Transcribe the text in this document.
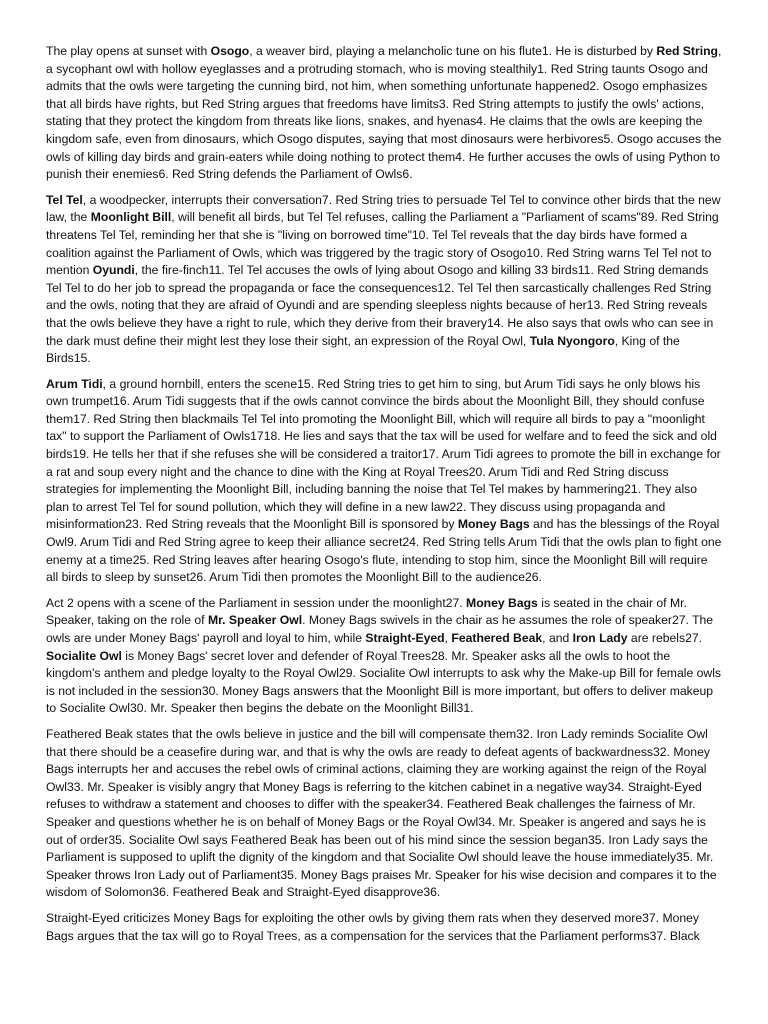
The play opens at sunset with Osogo, a weaver bird, playing a melancholic tune on his flute1. He is disturbed by Red String, a sycophant owl with hollow eyeglasses and a protruding stomach, who is moving stealthily1. Red String taunts Osogo and admits that the owls were targeting the cunning bird, not him, when something unfortunate happened2. Osogo emphasizes that all birds have rights, but Red String argues that freedoms have limits3. Red String attempts to justify the owls' actions, stating that they protect the kingdom from threats like lions, snakes, and hyenas4. He claims that the owls are keeping the kingdom safe, even from dinosaurs, which Osogo disputes, saying that most dinosaurs were herbivores5. Osogo accuses the owls of killing day birds and grain-eaters while doing nothing to protect them4. He further accuses the owls of using Python to punish their enemies6. Red String defends the Parliament of Owls6.

Tel Tel, a woodpecker, interrupts their conversation7. Red String tries to persuade Tel Tel to convince other birds that the new law, the Moonlight Bill, will benefit all birds, but Tel Tel refuses, calling the Parliament a "Parliament of scams"89. Red String threatens Tel Tel, reminding her that she is "living on borrowed time"10. Tel Tel reveals that the day birds have formed a coalition against the Parliament of Owls, which was triggered by the tragic story of Osogo10. Red String warns Tel Tel not to mention Oyundi, the fire-finch11. Tel Tel accuses the owls of lying about Osogo and killing 33 birds11. Red String demands Tel Tel to do her job to spread the propaganda or face the consequences12. Tel Tel then sarcastically challenges Red String and the owls, noting that they are afraid of Oyundi and are spending sleepless nights because of her13. Red String reveals that the owls believe they have a right to rule, which they derive from their bravery14. He also says that owls who can see in the dark must define their might lest they lose their sight, an expression of the Royal Owl, Tula Nyongoro, King of the Birds15.

Arum Tidi, a ground hornbill, enters the scene15. Red String tries to get him to sing, but Arum Tidi says he only blows his own trumpet16. Arum Tidi suggests that if the owls cannot convince the birds about the Moonlight Bill, they should confuse them17. Red String then blackmails Tel Tel into promoting the Moonlight Bill, which will require all birds to pay a "moonlight tax" to support the Parliament of Owls1718. He lies and says that the tax will be used for welfare and to feed the sick and old birds19. He tells her that if she refuses she will be considered a traitor17. Arum Tidi agrees to promote the bill in exchange for a rat and soup every night and the chance to dine with the King at Royal Trees20. Arum Tidi and Red String discuss strategies for implementing the Moonlight Bill, including banning the noise that Tel Tel makes by hammering21. They also plan to arrest Tel Tel for sound pollution, which they will define in a new law22. They discuss using propaganda and misinformation23. Red String reveals that the Moonlight Bill is sponsored by Money Bags and has the blessings of the Royal Owl9. Arum Tidi and Red String agree to keep their alliance secret24. Red String tells Arum Tidi that the owls plan to fight one enemy at a time25. Red String leaves after hearing Osogo's flute, intending to stop him, since the Moonlight Bill will require all birds to sleep by sunset26. Arum Tidi then promotes the Moonlight Bill to the audience26.

Act 2 opens with a scene of the Parliament in session under the moonlight27. Money Bags is seated in the chair of Mr. Speaker, taking on the role of Mr. Speaker Owl. Money Bags swivels in the chair as he assumes the role of speaker27. The owls are under Money Bags' payroll and loyal to him, while Straight-Eyed, Feathered Beak, and Iron Lady are rebels27. Socialite Owl is Money Bags' secret lover and defender of Royal Trees28. Mr. Speaker asks all the owls to hoot the kingdom's anthem and pledge loyalty to the Royal Owl29. Socialite Owl interrupts to ask why the Make-up Bill for female owls is not included in the session30. Money Bags answers that the Moonlight Bill is more important, but offers to deliver makeup to Socialite Owl30. Mr. Speaker then begins the debate on the Moonlight Bill31.

Feathered Beak states that the owls believe in justice and the bill will compensate them32. Iron Lady reminds Socialite Owl that there should be a ceasefire during war, and that is why the owls are ready to defeat agents of backwardness32. Money Bags interrupts her and accuses the rebel owls of criminal actions, claiming they are working against the reign of the Royal Owl33. Mr. Speaker is visibly angry that Money Bags is referring to the kitchen cabinet in a negative way34. Straight-Eyed refuses to withdraw a statement and chooses to differ with the speaker34. Feathered Beak challenges the fairness of Mr. Speaker and questions whether he is on behalf of Money Bags or the Royal Owl34. Mr. Speaker is angered and says he is out of order35. Socialite Owl says Feathered Beak has been out of his mind since the session began35. Iron Lady says the Parliament is supposed to uplift the dignity of the kingdom and that Socialite Owl should leave the house immediately35. Mr. Speaker throws Iron Lady out of Parliament35. Money Bags praises Mr. Speaker for his wise decision and compares it to the wisdom of Solomon36. Feathered Beak and Straight-Eyed disapprove36.

Straight-Eyed criticizes Money Bags for exploiting the other owls by giving them rats when they deserved more37. Money Bags argues that the tax will go to Royal Trees, as a compensation for the services that the Parliament performs37. Black
